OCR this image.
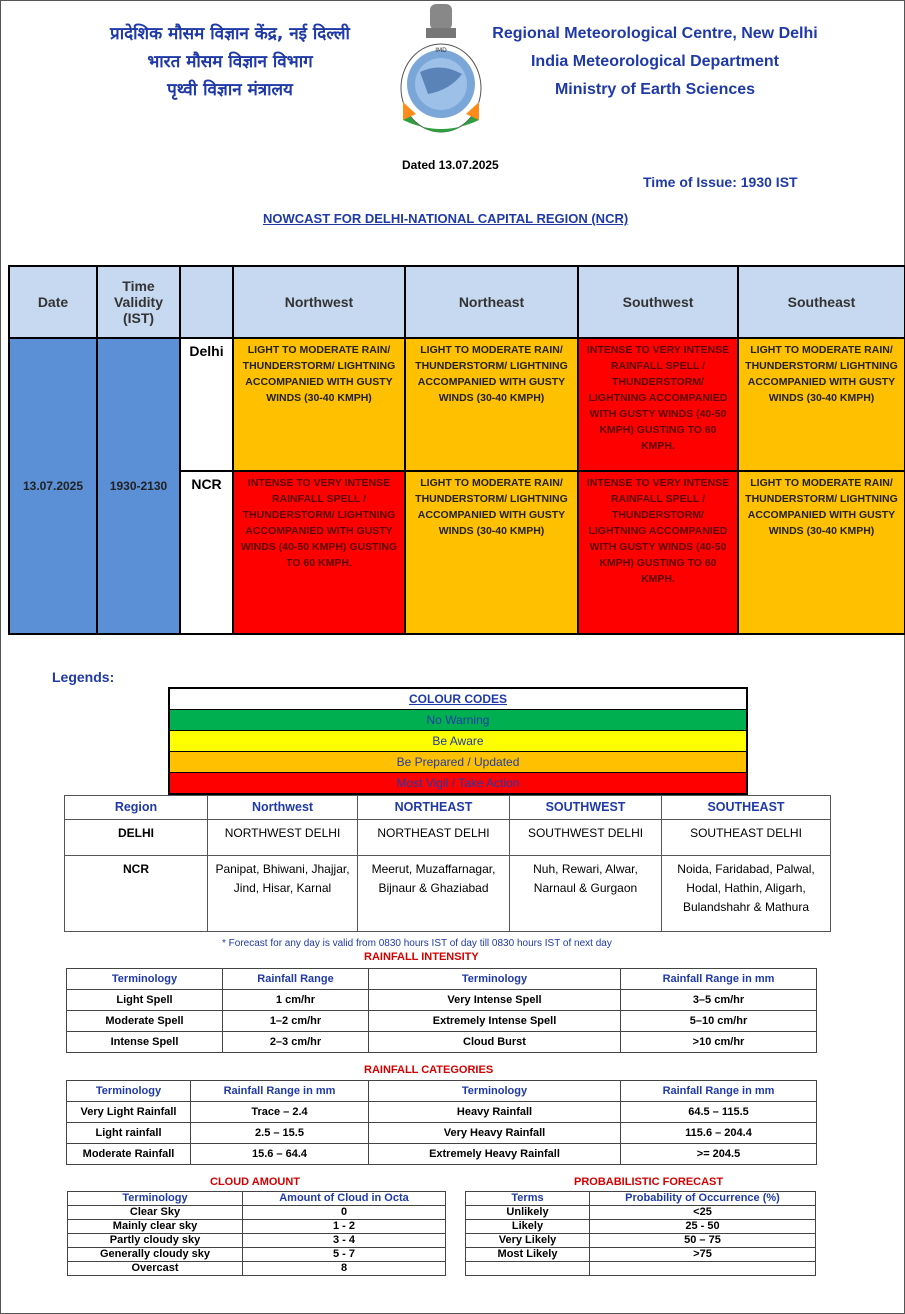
प्रादेशिक मौसम विज्ञान केंद्र, नई दिल्ली
भारत मौसम विज्ञान विभाग
पृथ्वी विज्ञान मंत्रालय
IMD
Regional Meteorological Centre, New Delhi
India Meteorological Department
Ministry of Earth Sciences
Dated 13.07.2025
Time of Issue: 1930 IST
NOWCAST FOR DELHI-NATIONAL CAPITAL REGION (NCR)
Date	Time Validity (IST)		Northwest	Northeast	Southwest	Southeast
13.07.2025	1930-2130	Delhi	LIGHT TO MODERATE RAIN/ THUNDERSTORM/ LIGHTNING ACCOMPANIED WITH GUSTY WINDS (30-40 KMPH)	LIGHT TO MODERATE RAIN/ THUNDERSTORM/ LIGHTNING ACCOMPANIED WITH GUSTY WINDS (30-40 KMPH)	INTENSE TO VERY INTENSE RAINFALL SPELL / THUNDERSTORM/ LIGHTNING ACCOMPANIED WITH GUSTY WINDS (40-50 KMPH) GUSTING TO 60 KMPH.	LIGHT TO MODERATE RAIN/ THUNDERSTORM/ LIGHTNING ACCOMPANIED WITH GUSTY WINDS (30-40 KMPH)
		NCR	INTENSE TO VERY INTENSE RAINFALL SPELL / THUNDERSTORM/ LIGHTNING ACCOMPANIED WITH GUSTY WINDS (40-50 KMPH) GUSTING TO 60 KMPH.	LIGHT TO MODERATE RAIN/ THUNDERSTORM/ LIGHTNING ACCOMPANIED WITH GUSTY WINDS (30-40 KMPH)	INTENSE TO VERY INTENSE RAINFALL SPELL / THUNDERSTORM/ LIGHTNING ACCOMPANIED WITH GUSTY WINDS (40-50 KMPH) GUSTING TO 60 KMPH.	LIGHT TO MODERATE RAIN/ THUNDERSTORM/ LIGHTNING ACCOMPANIED WITH GUSTY WINDS (30-40 KMPH)
Legends:
COLOUR CODES
No Warning
Be Aware
Be Prepared / Updated
Most Vigil / Take Action
Region	Northwest	NORTHEAST	SOUTHWEST	SOUTHEAST
DELHI	NORTHWEST DELHI	NORTHEAST DELHI	SOUTHWEST DELHI	SOUTHEAST DELHI
NCR	Panipat, Bhiwani, Jhajjar, Jind, Hisar, Karnal	Meerut, Muzaffarnagar, Bijnaur & Ghaziabad	Nuh, Rewari, Alwar, Narnaul & Gurgaon	Noida, Faridabad, Palwal, Hodal, Hathin, Aligarh, Bulandshahr & Mathura
* Forecast for any day is valid from 0830 hours IST of day till 0830 hours IST of next day
RAINFALL INTENSITY
Terminology	Rainfall Range	Terminology	Rainfall Range in mm
Light Spell	1 cm/hr	Very Intense Spell	3–5 cm/hr
Moderate Spell	1–2 cm/hr	Extremely Intense Spell	5–10 cm/hr
Intense Spell	2–3 cm/hr	Cloud Burst	>10 cm/hr
RAINFALL CATEGORIES
Terminology	Rainfall Range in mm	Terminology	Rainfall Range in mm
Very Light Rainfall	Trace – 2.4	Heavy Rainfall	64.5 – 115.5
Light rainfall	2.5 – 15.5	Very Heavy Rainfall	115.6 – 204.4
Moderate Rainfall	15.6 – 64.4	Extremely Heavy Rainfall	>= 204.5
CLOUD AMOUNT
Terminology	Amount of Cloud in Octa
Clear Sky	0
Mainly clear sky	1 - 2
Partly cloudy sky	3 - 4
Generally cloudy sky	5 - 7
Overcast	8
PROBABILISTIC FORECAST
Terms	Probability of Occurrence (%)
Unlikely	<25
Likely	25 - 50
Very Likely	50 – 75
Most Likely	>75
